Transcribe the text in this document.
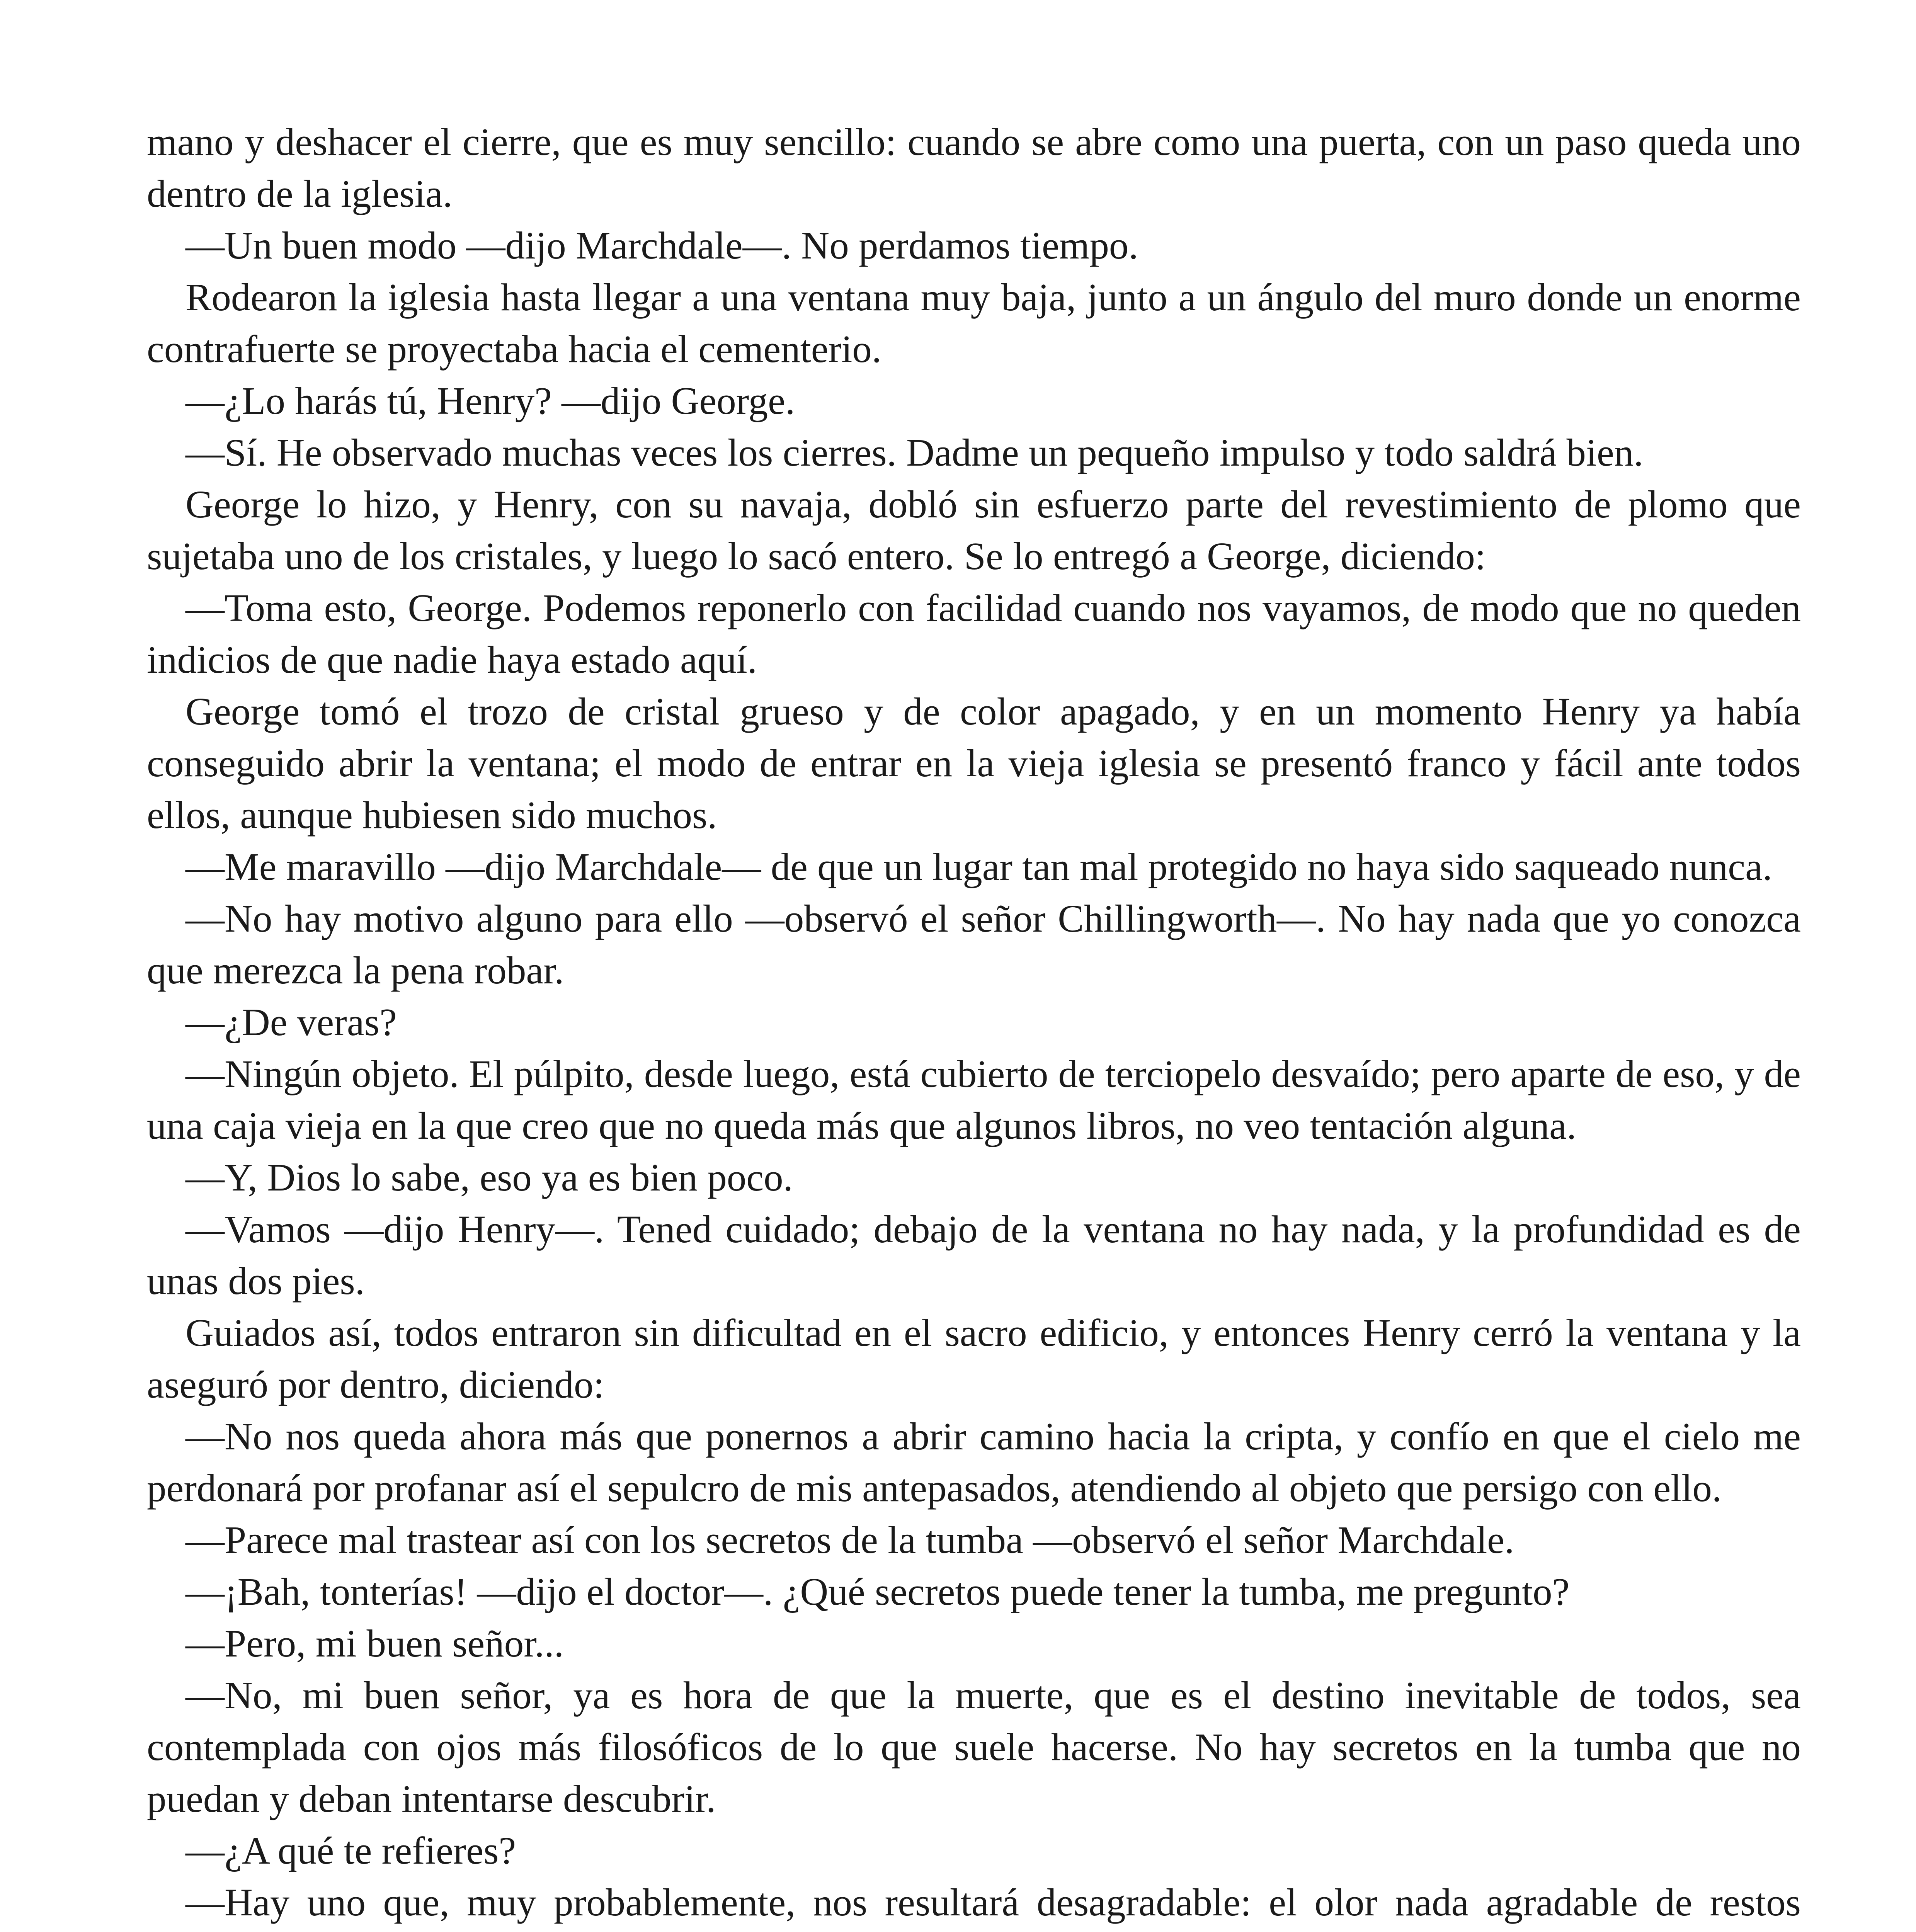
mano y deshacer el cierre, que es muy sencillo: cuando se abre como una puerta, con un paso queda uno dentro de la iglesia.

—Un buen modo —dijo Marchdale—. No perdamos tiempo.

Rodearon la iglesia hasta llegar a una ventana muy baja, junto a un ángulo del muro donde un enorme contrafuerte se proyectaba hacia el cementerio.

—¿Lo harás tú, Henry? —dijo George.

—Sí. He observado muchas veces los cierres. Dadme un pequeño impulso y todo saldrá bien.

George lo hizo, y Henry, con su navaja, dobló sin esfuerzo parte del revestimiento de plomo que sujetaba uno de los cristales, y luego lo sacó entero. Se lo entregó a George, diciendo:

—Toma esto, George. Podemos reponerlo con facilidad cuando nos vayamos, de modo que no queden indicios de que nadie haya estado aquí.

George tomó el trozo de cristal grueso y de color apagado, y en un momento Henry ya había conseguido abrir la ventana; el modo de entrar en la vieja iglesia se presentó franco y fácil ante todos ellos, aunque hubiesen sido muchos.

—Me maravillo —dijo Marchdale— de que un lugar tan mal protegido no haya sido saqueado nunca.

—No hay motivo alguno para ello —observó el señor Chillingworth—. No hay nada que yo conozca que merezca la pena robar.

—¿De veras?

—Ningún objeto. El púlpito, desde luego, está cubierto de terciopelo desvaído; pero aparte de eso, y de una caja vieja en la que creo que no queda más que algunos libros, no veo tentación alguna.

—Y, Dios lo sabe, eso ya es bien poco.

—Vamos —dijo Henry—. Tened cuidado; debajo de la ventana no hay nada, y la profundidad es de unas dos pies.

Guiados así, todos entraron sin dificultad en el sacro edificio, y entonces Henry cerró la ventana y la aseguró por dentro, diciendo:

—No nos queda ahora más que ponernos a abrir camino hacia la cripta, y confío en que el cielo me perdonará por profanar así el sepulcro de mis antepasados, atendiendo al objeto que persigo con ello.

—Parece mal trastear así con los secretos de la tumba —observó el señor Marchdale.

—¡Bah, tonterías! —dijo el doctor—. ¿Qué secretos puede tener la tumba, me pregunto?

—Pero, mi buen señor...

—No, mi buen señor, ya es hora de que la muerte, que es el destino inevitable de todos, sea contemplada con ojos más filosóficos de lo que suele hacerse. No hay secretos en la tumba que no puedan y deban intentarse descubrir.

—¿A qué te refieres?

—Hay uno que, muy probablemente, nos resultará desagradable: el olor nada agradable de restos
